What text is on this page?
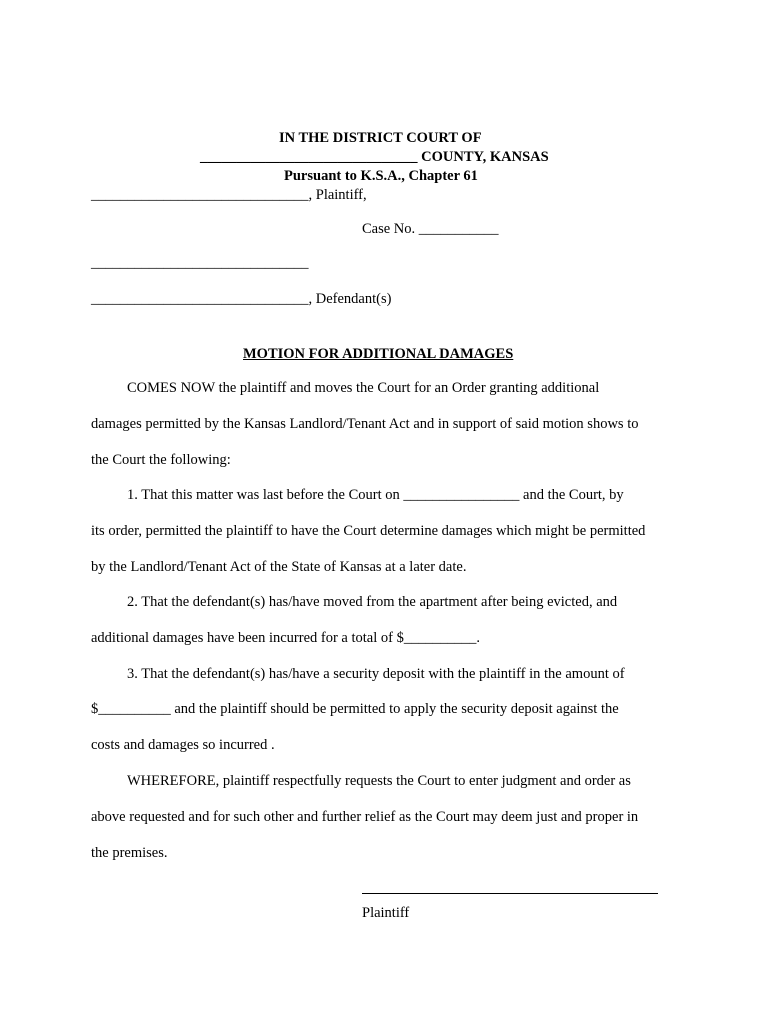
IN THE DISTRICT COURT OF
______________________________ COUNTY, KANSAS
Pursuant to K.S.A., Chapter 61
______________________________, Plaintiff,
Case No. ___________
______________________________
______________________________, Defendant(s)
MOTION FOR ADDITIONAL DAMAGES
COMES NOW the plaintiff and moves the Court for an Order granting additional
damages permitted by the Kansas Landlord/Tenant Act and in support of said motion shows to
the Court the following:
1. That this matter was last before the Court on ________________ and the Court, by
its order, permitted the plaintiff to have the Court determine damages which might be permitted
by the Landlord/Tenant Act of the State of Kansas at a later date.
2. That the defendant(s) has/have moved from the apartment after being evicted, and
additional damages have been incurred for a total of $__________.
3. That the defendant(s) has/have a security deposit with the plaintiff in the amount of
$__________ and the plaintiff should be permitted to apply the security deposit against the
costs and damages so incurred .
WHEREFORE, plaintiff respectfully requests the Court to enter judgment and order as
above requested and for such other and further relief as the Court may deem just and proper in
the premises.
Plaintiff
